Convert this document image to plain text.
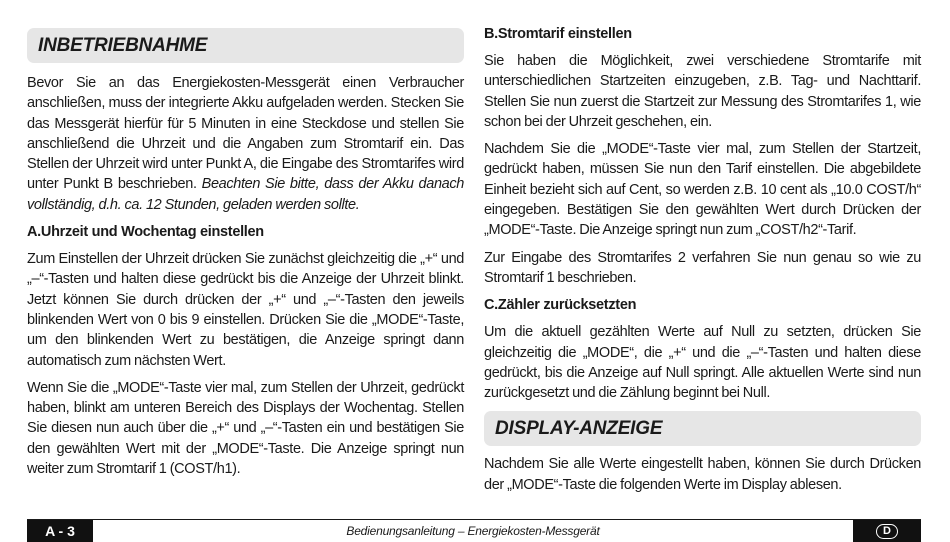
INBETRIEBNAHME

Bevor Sie an das Energiekosten-Messgerät einen Verbraucher anschließen, muss der integrierte Akku aufgeladen werden. Stecken Sie das Messgerät hierfür für 5 Minuten in eine Steckdose und stellen Sie anschließend die Uhrzeit und die Angaben zum Stromtarif ein. Das Stellen der Uhrzeit wird unter Punkt A, die Eingabe des Stromtarifes wird unter Punkt B beschrieben. Beachten Sie bitte, dass der Akku danach vollständig, d.h. ca. 12 Stunden, geladen werden sollte.

A.Uhrzeit und Wochentag einstellen

Zum Einstellen der Uhrzeit drücken Sie zunächst gleichzeitig die „+“ und „–“-Tasten und halten diese gedrückt bis die Anzeige der Uhrzeit blinkt. Jetzt können Sie durch drücken der „+“ und „–“-Tasten den jeweils blinkenden Wert von 0 bis 9 einstellen. Drücken Sie die „MODE“-Taste, um den blinkenden Wert zu bestätigen, die Anzeige springt dann automatisch zum nächsten Wert.

Wenn Sie die „MODE“-Taste vier mal, zum Stellen der Uhrzeit, gedrückt haben, blinkt am unteren Bereich des Displays der Wochentag. Stellen Sie diesen nun auch über die „+“ und „–“-Tasten ein und bestätigen Sie den gewählten Wert mit der „MODE“-Taste. Die Anzeige springt nun weiter zum Stromtarif 1 (COST/h1).

B.Stromtarif einstellen

Sie haben die Möglichkeit, zwei verschiedene Stromtarife mit unterschiedlichen Startzeiten einzugeben, z.B. Tag- und Nachttarif. Stellen Sie nun zuerst die Startzeit zur Messung des Stromtarifes 1, wie schon bei der Uhrzeit geschehen, ein.

Nachdem Sie die „MODE“-Taste vier mal, zum Stellen der Startzeit, gedrückt haben, müssen Sie nun den Tarif einstellen. Die abgebildete Einheit bezieht sich auf Cent, so werden z.B. 10 cent als „10.0 COST/h“ eingegeben. Bestätigen Sie den gewählten Wert durch Drücken der „MODE“-Taste. Die Anzeige springt nun zum „COST/h2“-Tarif.

Zur Eingabe des Stromtarifes 2 verfahren Sie nun genau so wie zu Stromtarif 1 beschrieben.

C.Zähler zurücksetzten

Um die aktuell gezählten Werte auf Null zu setzten, drücken Sie gleichzeitig die „MODE“, die „+“ und die „–“-Tasten und halten diese gedrückt, bis die Anzeige auf Null springt. Alle aktuellen Werte sind nun zurückgesetzt und die Zählung beginnt bei Null.

DISPLAY-ANZEIGE

Nachdem Sie alle Werte eingestellt haben, können Sie durch Drücken der „MODE“-Taste die folgenden Werte im Display ablesen.

A - 3	Bedienungsanleitung – Energiekosten-Messgerät	D
